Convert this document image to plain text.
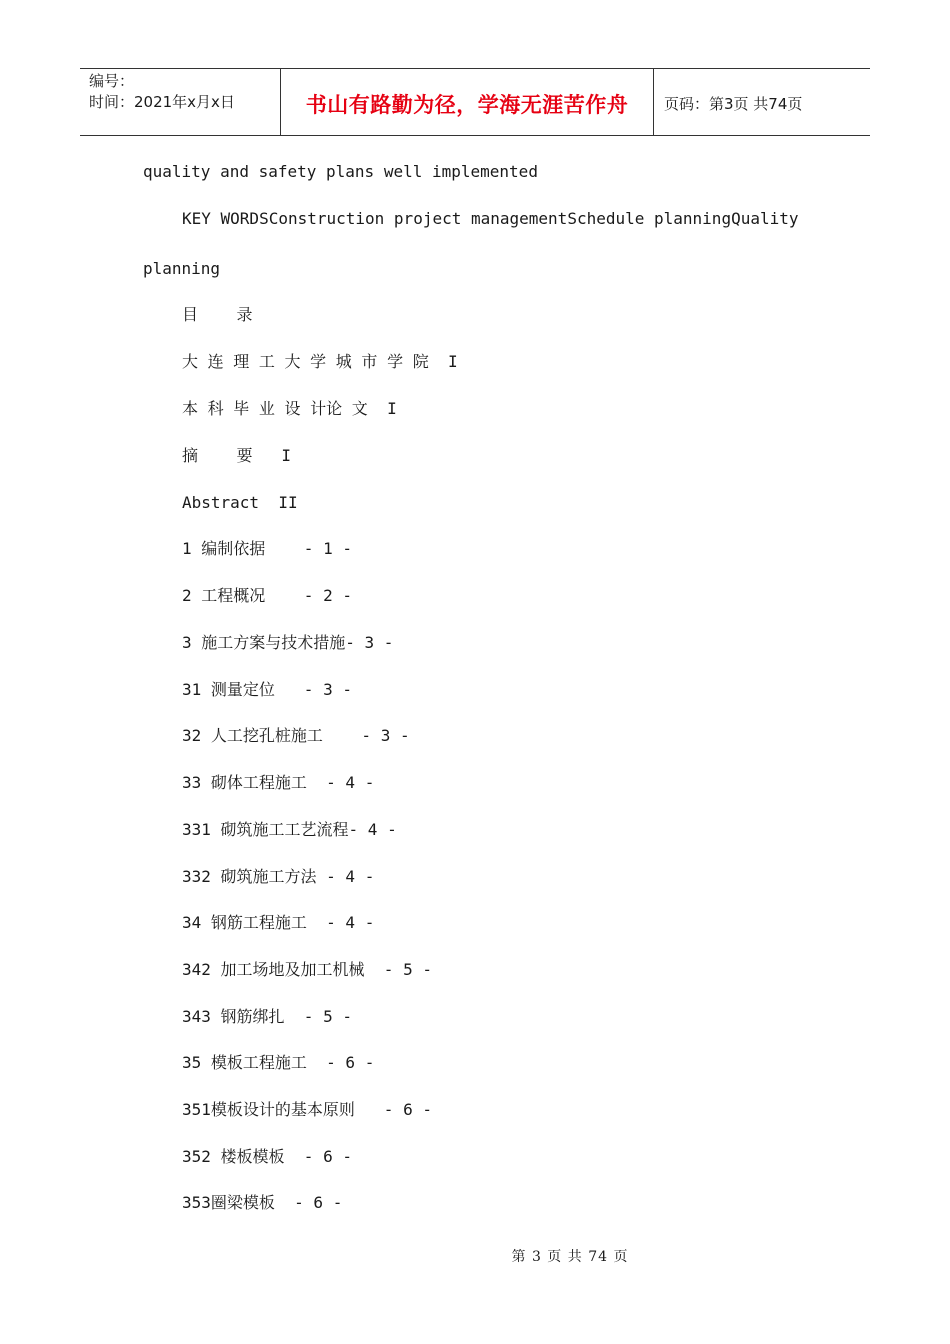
编号：
时间：2021年x月x日	书山有路勤为径，学海无涯苦作舟	页码：第3页 共74页
quality and safety plans well implemented
KEY WORDSConstruction project managementSchedule planningQuality
planning
目    录
大 连 理 工 大 学 城 市 学 院  I
本 科 毕 业 设 计论 文  I
摘    要   I
Abstract  II
1 编制依据    - 1 -
2 工程概况    - 2 -
3 施工方案与技术措施- 3 -
31 测量定位   - 3 -
32 人工挖孔桩施工    - 3 -
33 砌体工程施工  - 4 -
331 砌筑施工工艺流程- 4 -
332 砌筑施工方法 - 4 -
34 钢筋工程施工  - 4 -
342 加工场地及加工机械  - 5 -
343 钢筋绑扎  - 5 -
35 模板工程施工  - 6 -
351模板设计的基本原则   - 6 -
352 楼板模板  - 6 -
353圈梁模板  - 6 -
第 3 页 共 74 页
